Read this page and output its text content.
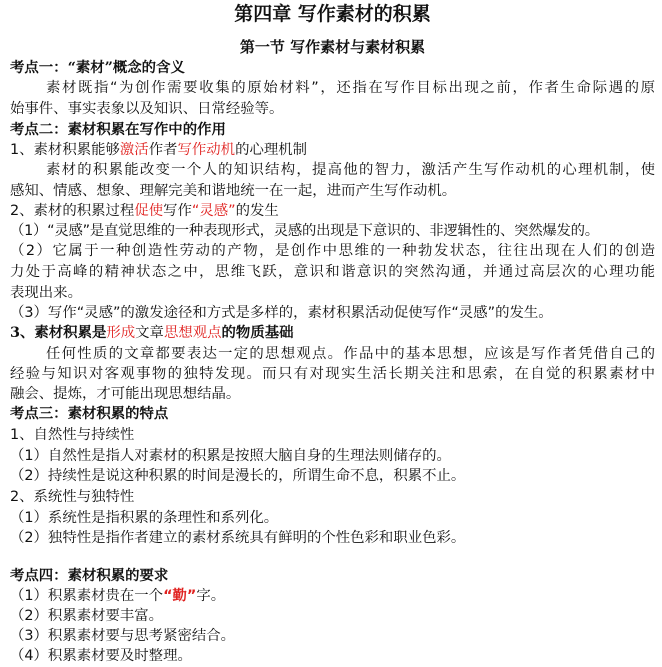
第四章 写作素材的积累
第一节 写作素材与素材积累
考点一：“素材”概念的含义
素材既指“为创作需要收集的原始材料”，还指在写作目标出现之前，作者生命际遇的原
始事件、事实表象以及知识、日常经验等。
考点二：素材积累在写作中的作用
1、素材积累能够激活作者写作动机的心理机制
素材的积累能改变一个人的知识结构，提高他的智力，激活产生写作动机的心理机制，使
感知、情感、想象、理解完美和谐地统一在一起，进而产生写作动机。
2、素材的积累过程促使写作“灵感”的发生
（1）“灵感”是直觉思维的一种表现形式，灵感的出现是下意识的、非逻辑性的、突然爆发的。
（2）它属于一种创造性劳动的产物，是创作中思维的一种勃发状态，往往出现在人们的创造
力处于高峰的精神状态之中，思维飞跃，意识和谐意识的突然沟通，并通过高层次的心理功能
表现出来。
（3）写作“灵感”的激发途径和方式是多样的，素材积累活动促使写作“灵感”的发生。
3、素材积累是形成文章思想观点的物质基础
任何性质的文章都要表达一定的思想观点。作品中的基本思想，应该是写作者凭借自己的
经验与知识对客观事物的独特发现。而只有对现实生活长期关注和思索，在自觉的积累素材中
融会、提炼，才可能出现思想结晶。
考点三：素材积累的特点
1、自然性与持续性
（1）自然性是指人对素材的积累是按照大脑自身的生理法则储存的。
（2）持续性是说这种积累的时间是漫长的，所谓生命不息，积累不止。
2、系统性与独特性
（1）系统性是指积累的条理性和系列化。
（2）独特性是指作者建立的素材系统具有鲜明的个性色彩和职业色彩。
考点四：素材积累的要求
（1）积累素材贵在一个“勤”字。
（2）积累素材要丰富。
（3）积累素材要与思考紧密结合。
（4）积累素材要及时整理。
